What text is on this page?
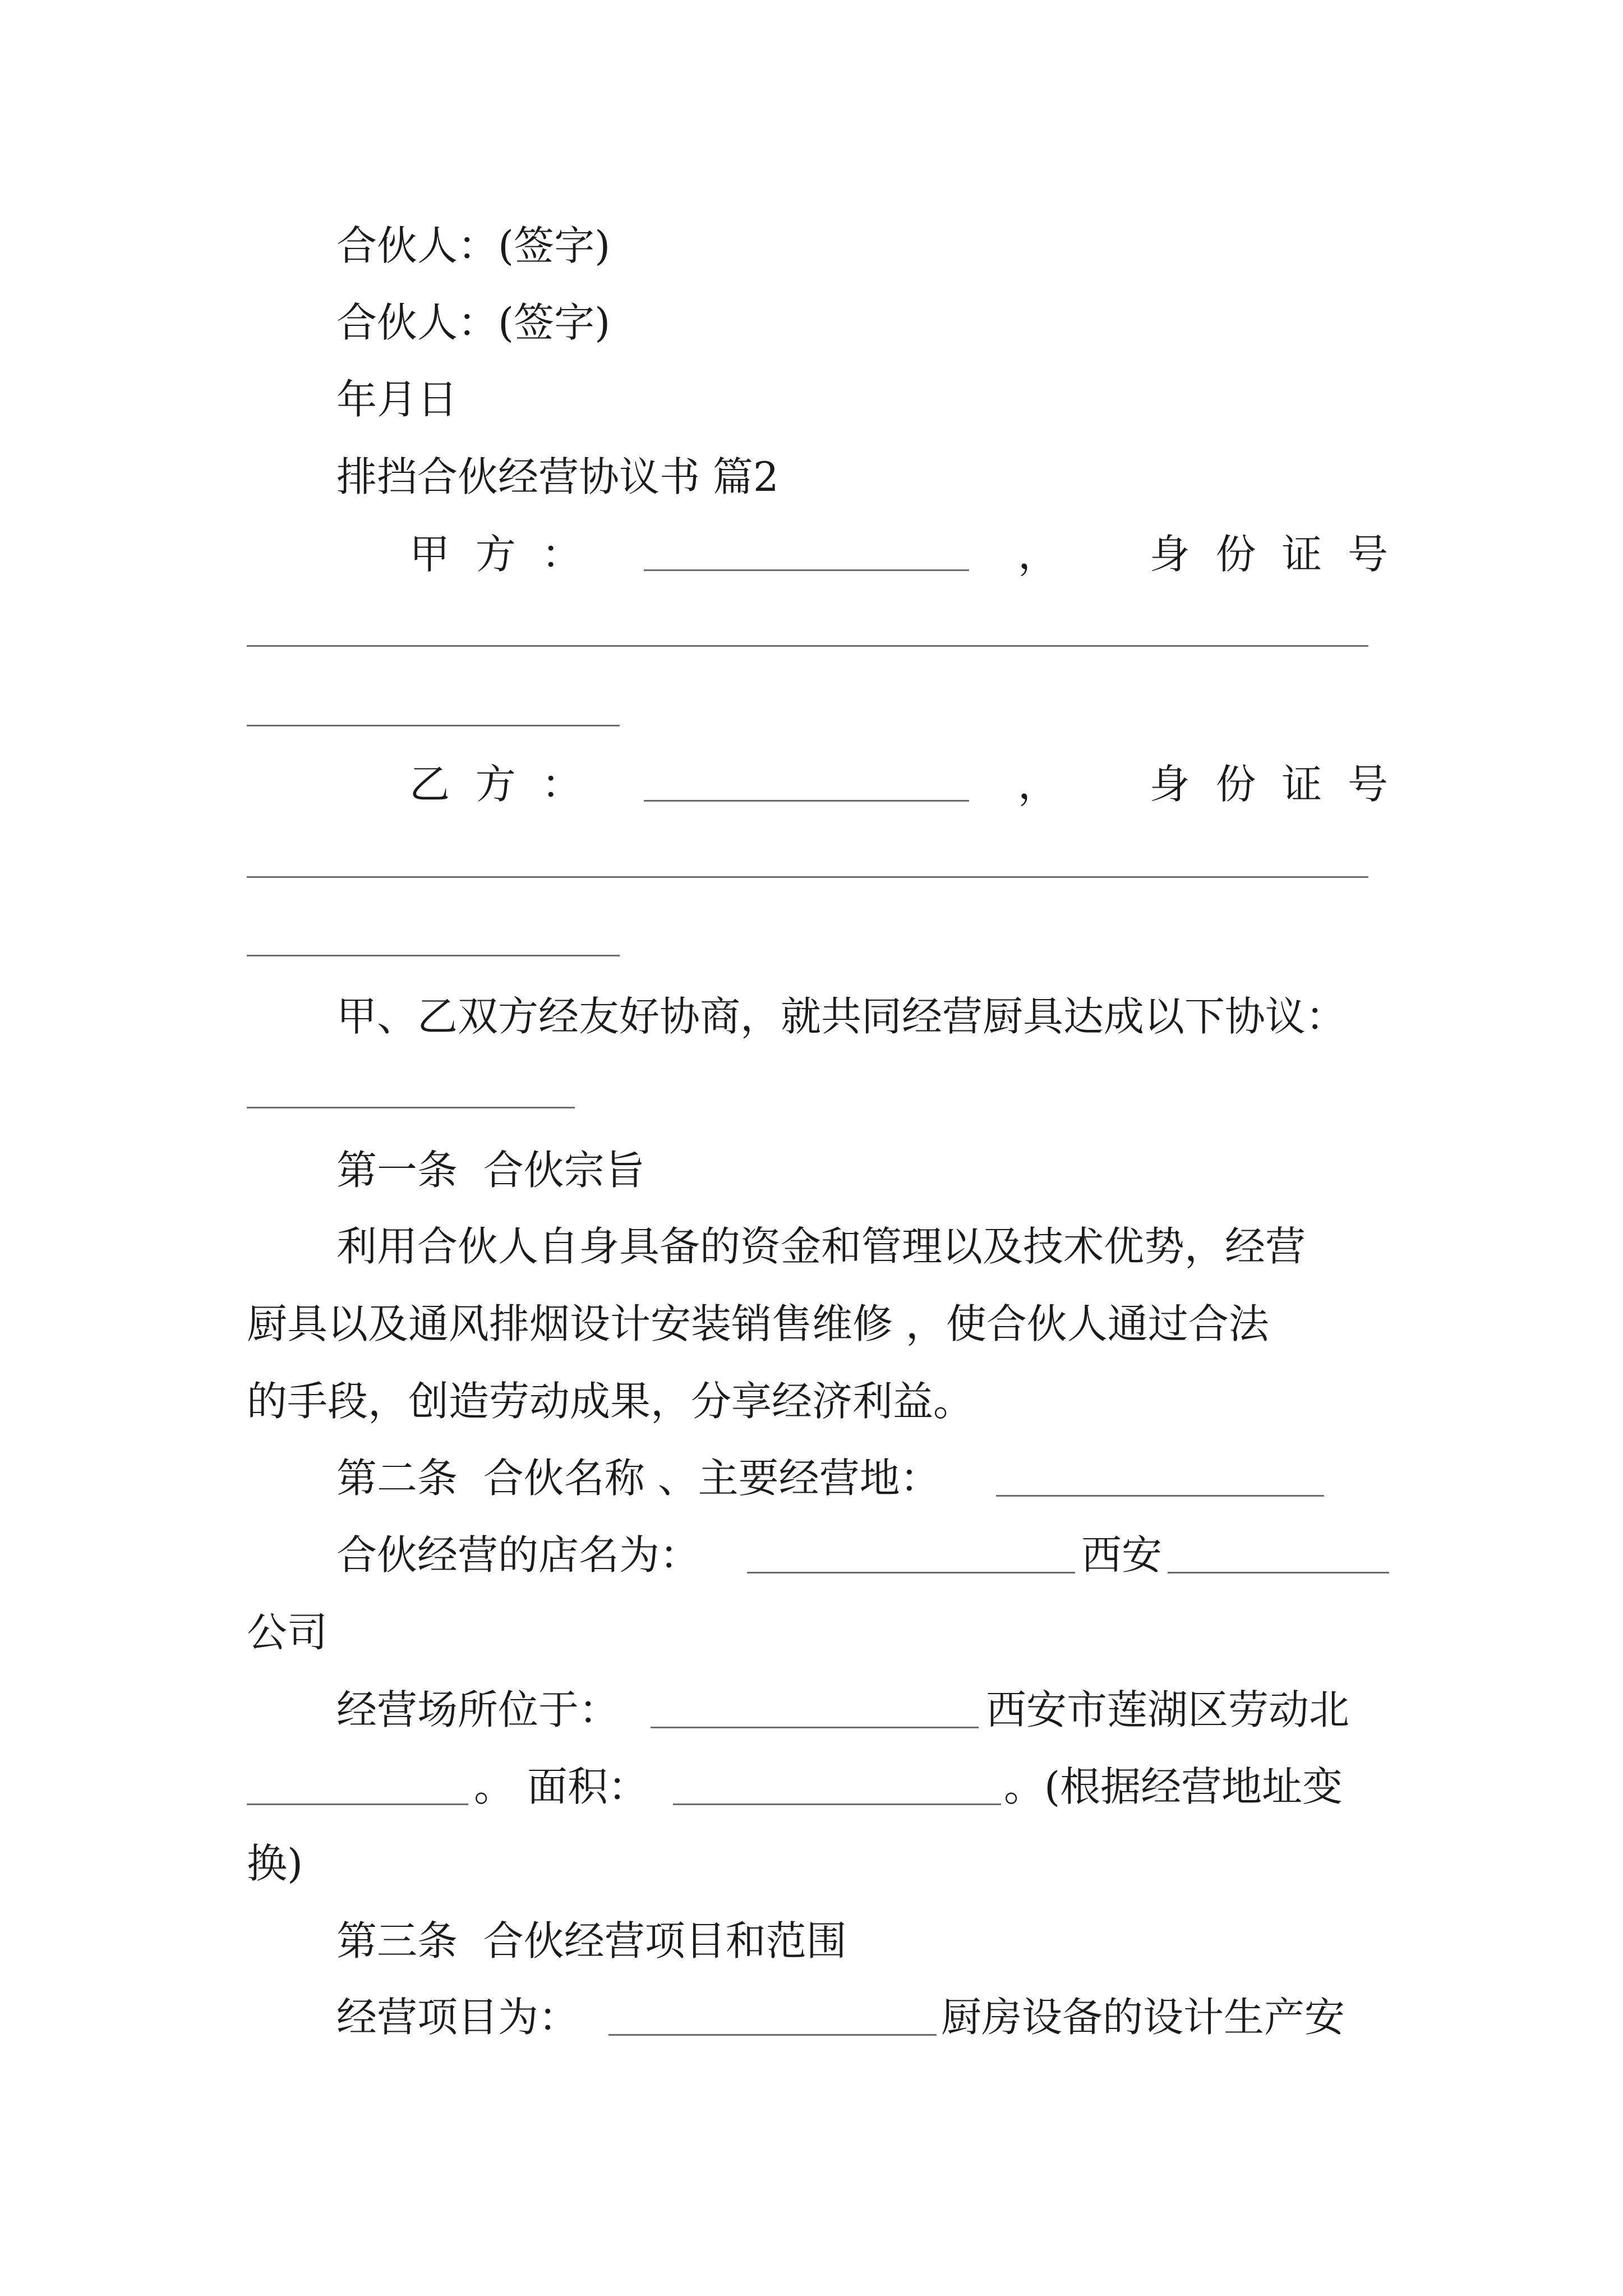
合伙人：(签字)
合伙人：(签字)
年月日
排挡合伙经营协议书 篇2
甲  方  ：	，	身  份  证  号
乙  方  ：	，	身  份  证  号
甲、乙双方经友好协商，就共同经营厨具达成以下协议：
第一条  合伙宗旨
利用合伙人自身具备的资金和管理以及技术优势，经营
厨具以及通风排烟设计安装销售维修 ，使合伙人通过合法
的手段，创造劳动成果，分享经济利益。
第二条  合伙名称 、主要经营地：
合伙经营的店名为：	西安
公司
经营场所位于：	西安市莲湖区劳动北
。 面积：	。(根据经营地址变
换)
第三条  合伙经营项目和范围
经营项目为：	厨房设备的设计生产安
